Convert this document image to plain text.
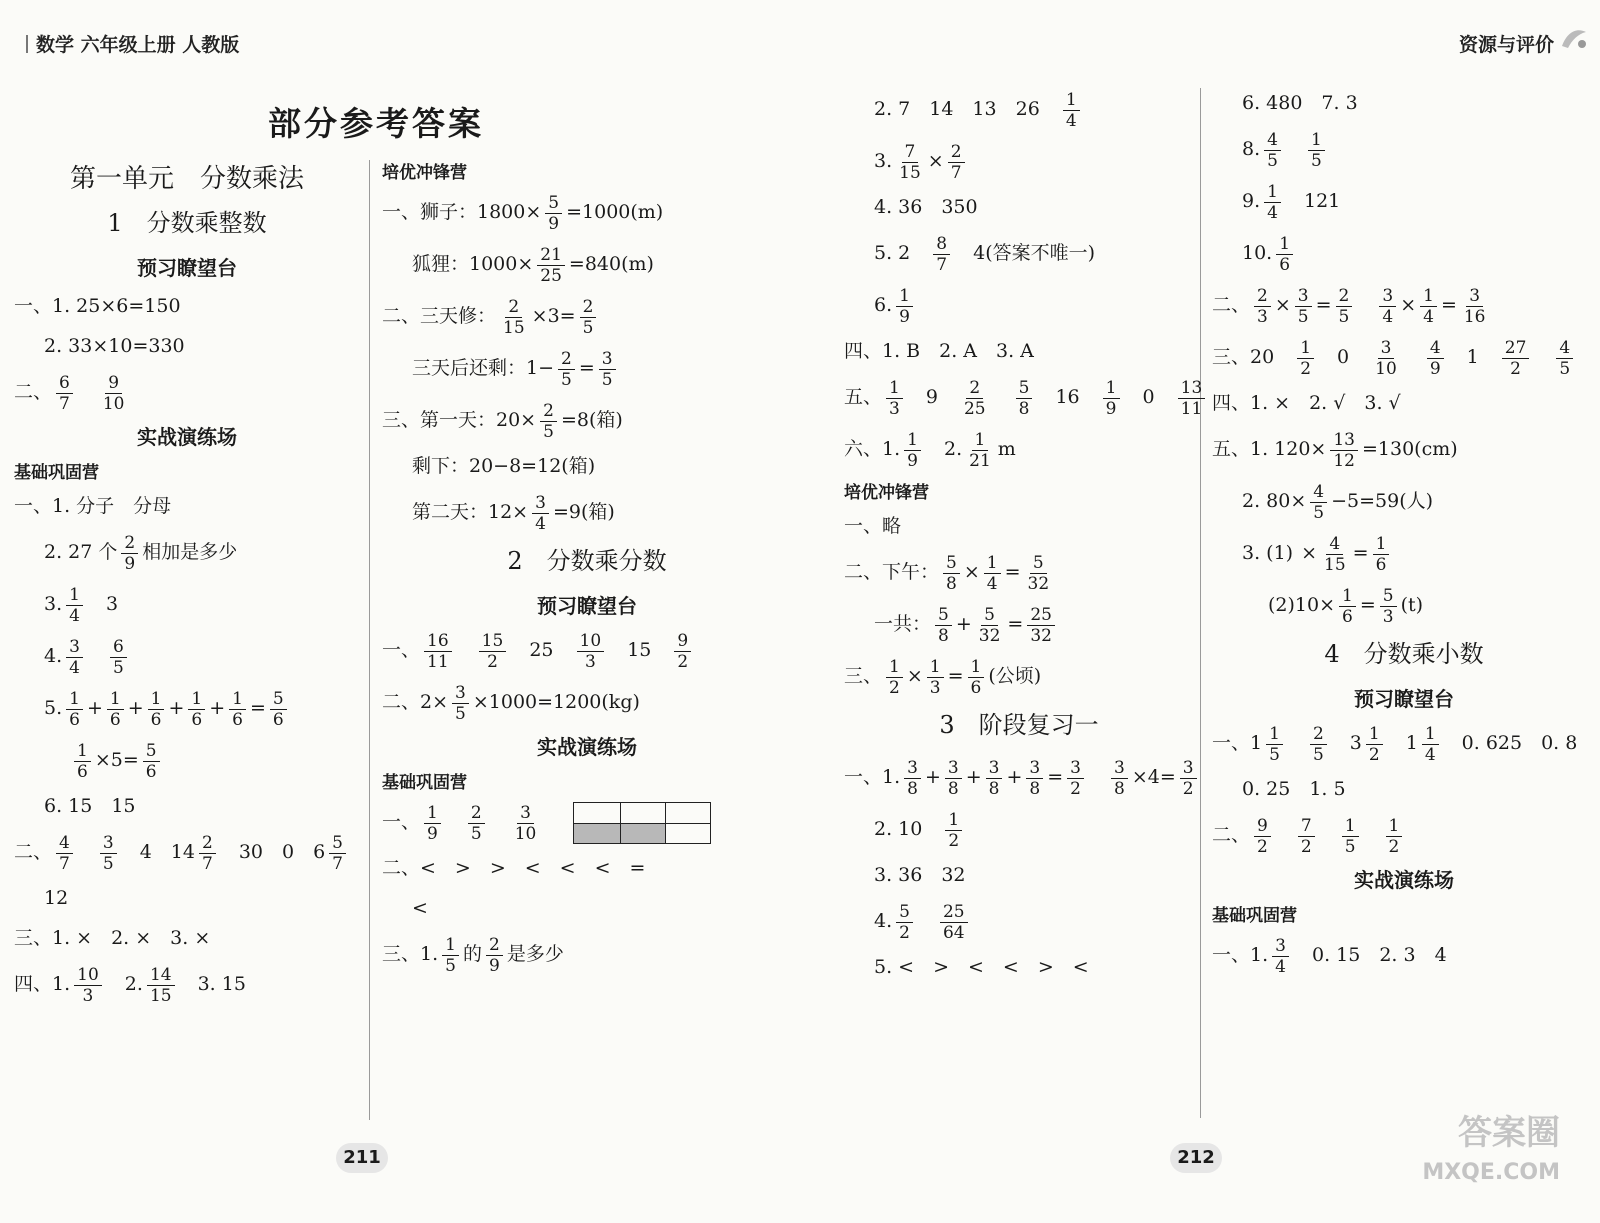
数学 六年级上册 人教版
部分参考答案
第一单元　分数乘法
1　分数乘整数
预习瞭望台
一、1. 25×6=150
2. 33×10=330
二、 $\frac{6}{7}$
　 $\frac{9}{10}$
实战演练场
基础巩固营
一、1. 分子　分母
2. 27 个 $\frac{2}{9}$ 相加是多少
3. $\frac{1}{4}$
　 3
4. $\frac{3}{4}$
　 $\frac{6}{5}$
5. $\frac{1}{6} + \frac{1}{6} + \frac{1}{6} + \frac{1}{6} + \frac{1}{6} = \frac{5}{6}$
$\frac{1}{6} \times 5= \frac{5}{6}$
6. 15　15
二、 $\frac{4}{7}$
　 $\frac{3}{5}$
　 4　$14 \frac{2}{7}$
　 30　0　$6 \frac{5}{7}$
12
三、1. ×　2. ×　3. ×
四、1. $\frac{10}{3}$
　 2. $\frac{14}{15}$
　 3. 15
培优冲锋营
一、狮子：$1800\times \frac{5}{9} =1000(m)$
狐狸：$1000\times \frac{21}{25} =840(m)$
二、三天修： $\frac{2}{15} \times 3= \frac{2}{5}$
三天后还剩：$1- \frac{2}{5} = \frac{3}{5}$
三、第一天：$20\times \frac{2}{5} =8$(箱)
剩下：20−8=12(箱)
第二天：$12\times \frac{3}{4} =9$(箱)
2　分数乘分数
预习瞭望台
一、 $\frac{16}{11}$
　 $\frac{15}{2}$
　 25　 $\frac{10}{3}$
　 15　 $\frac{9}{2}$
二、$2\times \frac{3}{5} \times 1000=1200(kg)$
实战演练场
基础巩固营
一、 $\frac{1}{9}$
　 $\frac{2}{5}$
　 $\frac{3}{10}$
二、<　>　>　<　<　<　=
<
三、1. $\frac{1}{5}$ 的 $\frac{2}{9}$ 是多少
211
资源与评价
2. 7　14　13　26　 $\frac{1}{4}$
3. $\frac{7}{15} \times \frac{2}{7}$
4. 36　350
5. 2　 $\frac{8}{7}$
　 4(答案不唯一)
6. $\frac{1}{9}$
四、1. B　2. A　3. A
五、 $\frac{1}{3}$
　 9　 $\frac{2}{25}$
　 $\frac{5}{8}$
　 16　 $\frac{1}{9}$
　 0　 $\frac{13}{11}$
六、1. $\frac{1}{9}$
　 2. $\frac{1}{21}$ m
培优冲锋营
一、略
二、下午： $\frac{5}{8} \times \frac{1}{4} = \frac{5}{32}$
一共： $\frac{5}{8} + \frac{5}{32} = \frac{25}{32}$
三、 $\frac{1}{2} \times \frac{1}{3} = \frac{1}{6}$ (公顷)
3　阶段复习一
一、1. $\frac{3}{8} + \frac{3}{8} + \frac{3}{8} + \frac{3}{8} = \frac{3}{2}$
　 $\frac{3}{8} \times 4= \frac{3}{2}$
2. 10　 $\frac{1}{2}$
3. 36　32
4. $\frac{5}{2}$
　 $\frac{25}{64}$
5. <　>　<　<　>　<
6. 480　7. 3
8. $\frac{4}{5}$
　 $\frac{1}{5}$
9. $\frac{1}{4}$
　 121
10. $\frac{1}{6}$
二、 $\frac{2}{3} \times \frac{3}{5} = \frac{2}{5}$
　 $\frac{3}{4} \times \frac{1}{4} = \frac{3}{16}$
三、20　 $\frac{1}{2}$
　 0　 $\frac{3}{10}$
　 $\frac{4}{9}$
　 1　 $\frac{27}{2}$
　 $\frac{4}{5}$
四、1. ×　2. √　3. √
五、1. $120\times \frac{13}{12} =130(cm)$
2. $80\times \frac{4}{5} -5=59$(人)
3. $(1) \times \frac{4}{15} = \frac{1}{6}$
$(2)10\times \frac{1}{6} = \frac{5}{3} (t)$
4　分数乘小数
预习瞭望台
一、$1 \frac{1}{5}$
　 $\frac{2}{5}$
　 $3 \frac{1}{2}$
　 $1 \frac{1}{4}$
　 0. 625　0. 8
0. 25　1. 5
二、 $\frac{9}{2}$
　 $\frac{7}{2}$
　 $\frac{1}{5}$
　 $\frac{1}{2}$
实战演练场
基础巩固营
一、1. $\frac{3}{4}$
　 0. 15　2. 3　4
212
答案圈
MXQE.COM
